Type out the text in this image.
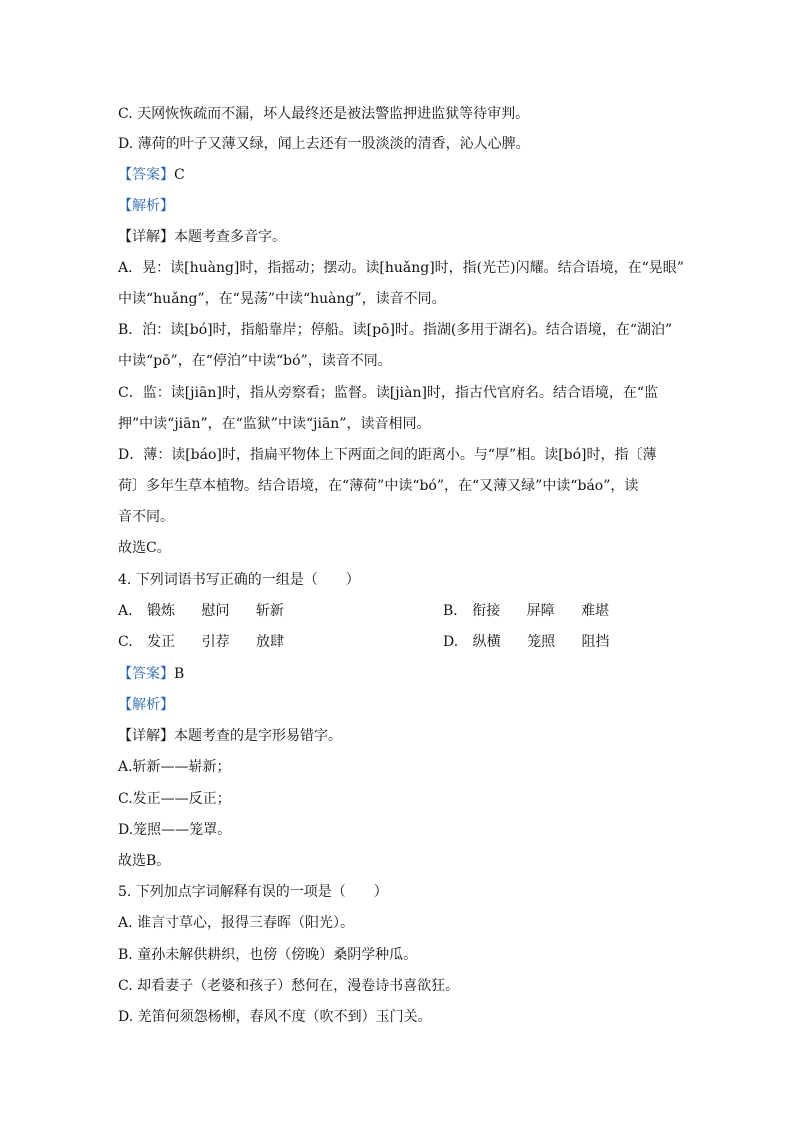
C. 天网恢恢疏而不漏，坏人最终还是被法警监押进监狱等待审判。
D. 薄荷的叶子又薄又绿，闻上去还有一股淡淡的清香，沁人心脾。
【答案】C
【解析】
【详解】本题考查多音字。
A．晃：读[huàng]时，指摇动；摆动。读[huǎng]时，指(光芒)闪耀。结合语境，在“晃眼”
中读“huǎng”，在“晃荡”中读“huàng”，读音不同。
B．泊：读[bó]时，指船靠岸；停船。读[pō]时。指湖(多用于湖名)。结合语境，在“湖泊”
中读“pō”，在“停泊”中读“bó”，读音不同。
C．监：读[jiān]时，指从旁察看；监督。读[jiàn]时，指古代官府名。结合语境，在“监
押”中读“jiān”，在“监狱”中读“jiān”，读音相同。
D．薄：读[báo]时，指扁平物体上下两面之间的距离小。与“厚”相。读[bó]时，指〔薄
荷〕多年生草本植物。结合语境，在“薄荷”中读“bó”，在“又薄又绿”中读“báo”，读
音不同。
故选C。
4. 下列词语书写正确的一组是（　　）
A. 锻炼 慰问 斩新	B. 衔接 屏障 难堪
C. 发正 引荐 放肆	D. 纵横 笼照 阻挡
【答案】B
【解析】
【详解】本题考查的是字形易错字。
A.斩新——崭新；
C.发正——反正；
D.笼照——笼罩。
故选B。
5. 下列加点字词解释有误的一项是（　　）
A. 谁言寸草心，报得三春晖（阳光）。
B. 童孙未解供耕织，也傍（傍晚）桑阴学种瓜。
C. 却看妻子（老婆和孩子）愁何在，漫卷诗书喜欲狂。
D. 羌笛何须怨杨柳，春风不度（吹不到）玉门关。
